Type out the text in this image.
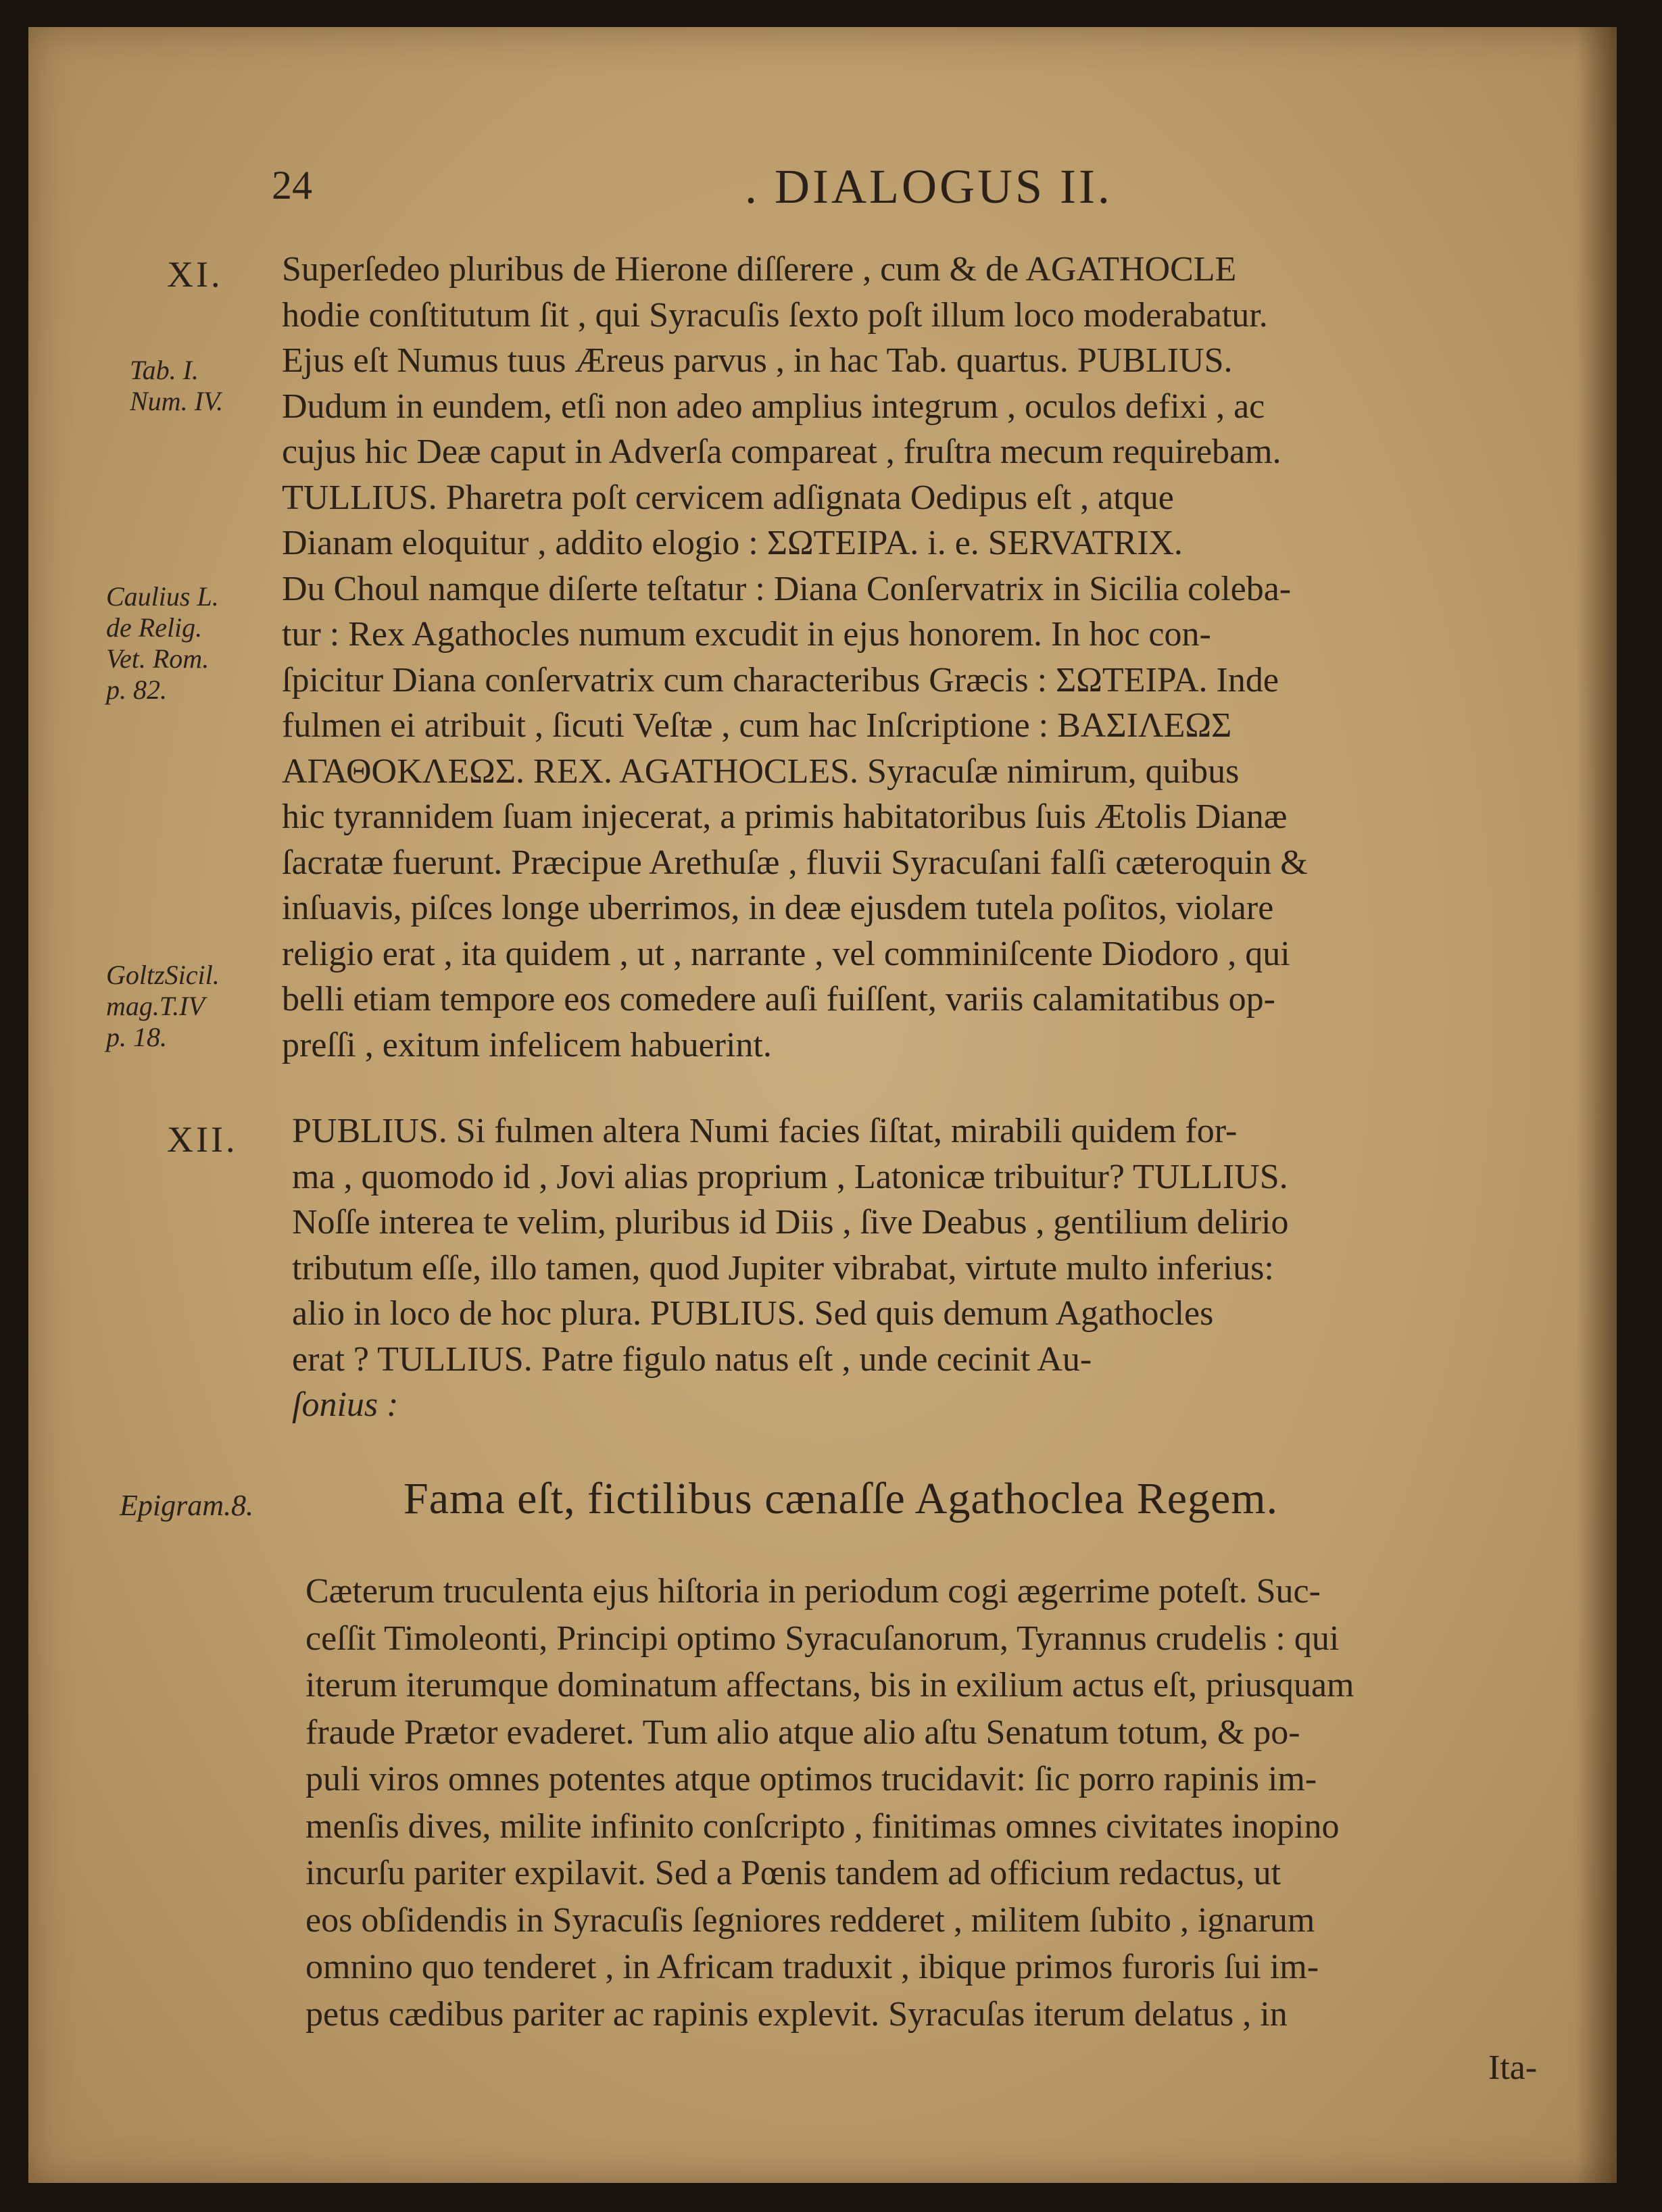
24	. DIALOGUS II.
XI. Superſedeo pluribus de Hierone diſſerere , cum & de AGATHOCLE
hodie conſtitutum ſit , qui Syracuſis ſexto poſt illum loco moderabatur.
Ejus eſt Numus tuus Æreus parvus , in hac Tab. quartus. PUBLIUS.
Dudum in eundem, etſi non adeo amplius integrum , oculos defixi , ac
cujus hic Deæ caput in Adverſa compareat , fruſtra mecum requirebam.
TULLIUS. Pharetra poſt cervicem adſignata Oedipus eſt , atque
Dianam eloquitur , addito elogio : ΣΩΤΕΙΡΑ. i. e. SERVATRIX.
Du Choul namque diſerte teſtatur : Diana Conſervatrix in Sicilia coleba-
tur : Rex Agathocles numum excudit in ejus honorem. In hoc con-
ſpicitur Diana conſervatrix cum characteribus Græcis : ΣΩΤΕΙΡΑ. Inde
fulmen ei atribuit , ſicuti Veſtæ , cum hac Inſcriptione : ΒΑΣΙΛΕΩΣ
ΑΓΑΘΟΚΛΕΩΣ. REX. AGATHOCLES. Syracuſæ nimirum, quibus
hic tyrannidem ſuam injecerat, a primis habitatoribus ſuis Ætolis Dianæ
ſacratæ fuerunt. Præcipue Arethuſæ , fluvii Syracuſani falſi cæteroquin &
inſuavis, piſces longe uberrimos, in deæ ejusdem tutela poſitos, violare
religio erat , ita quidem , ut , narrante , vel comminiſcente Diodoro , qui
belli etiam tempore eos comedere auſi fuiſſent, variis calamitatibus op-
preſſi , exitum infelicem habuerint.
Tab. I.
Num. IV.
Caulius L.
de Relig.
Vet. Rom.
p. 82.
GoltzSicil.
mag.T.IV
p. 18.
XII. PUBLIUS. Si fulmen altera Numi facies ſiſtat, mirabili quidem for-
ma , quomodo id , Jovi alias proprium , Latonicæ tribuitur? TULLIUS.
Noſſe interea te velim, pluribus id Diis , ſive Deabus , gentilium delirio
tributum eſſe, illo tamen, quod Jupiter vibrabat, virtute multo inferius:
alio in loco de hoc plura. PUBLIUS. Sed quis demum Agathocles
erat ? TULLIUS. Patre figulo natus eſt , unde cecinit Au-
ſonius :
Epigram.8.	Fama eſt, fictilibus cænaſſe Agathoclea Regem.
Cæterum truculenta ejus hiſtoria in periodum cogi ægerrime poteſt. Suc-
ceſſit Timoleonti, Principi optimo Syracuſanorum, Tyrannus crudelis : qui
iterum iterumque dominatum affectans, bis in exilium actus eſt, priusquam
fraude Prætor evaderet. Tum alio atque alio aſtu Senatum totum, & po-
puli viros omnes potentes atque optimos trucidavit: ſic porro rapinis im-
menſis dives, milite infinito conſcripto , finitimas omnes civitates inopino
incurſu pariter expilavit. Sed a Pœnis tandem ad officium redactus, ut
eos obſidendis in Syracuſis ſegniores redderet , militem ſubito , ignarum
omnino quo tenderet , in Africam traduxit , ibique primos furoris ſui im-
petus cædibus pariter ac rapinis explevit. Syracuſas iterum delatus , in
Ita-
